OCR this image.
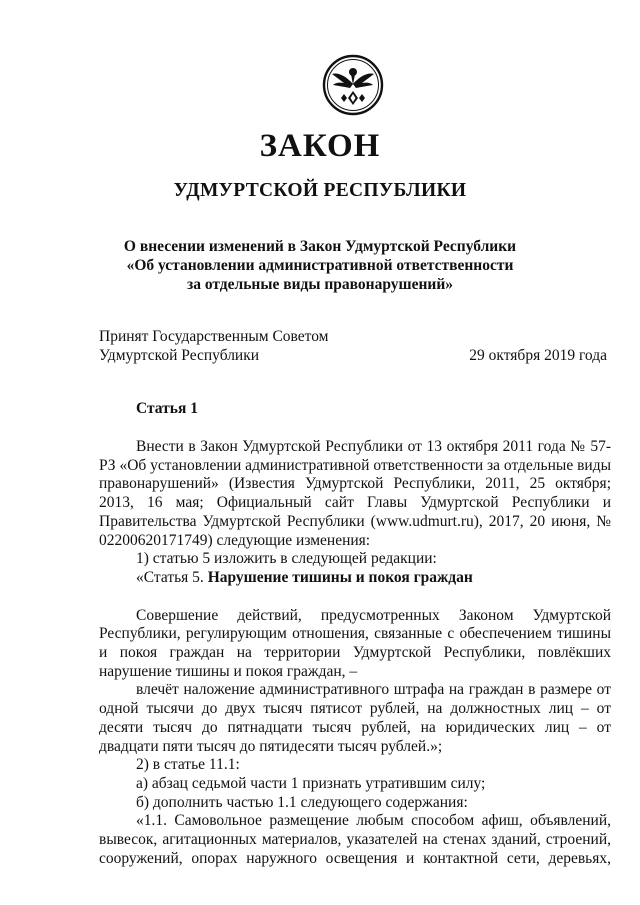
ЗАКОН
УДМУРТСКОЙ РЕСПУБЛИКИ
О внесении изменений в Закон Удмуртской Республики
«Об установлении административной ответственности
за отдельные виды правонарушений»
Принят Государственным Советом
Удмуртской Республики	29 октября 2019 года
Статья 1

Внести в Закон Удмуртской Республики от 13 октября 2011 года № 57-РЗ «Об установлении административной ответственности за отдельные виды правонарушений» (Известия Удмуртской Республики, 2011, 25 октября; 2013, 16 мая; Официальный сайт Главы Удмуртской Республики и Правительства Удмуртской Республики (www.udmurt.ru), 2017, 20 июня, № 02200620171749) следующие изменения:

1) статью 5 изложить в следующей редакции:

«Статья 5. Нарушение тишины и покоя граждан

Совершение действий, предусмотренных Законом Удмуртской Республики, регулирующим отношения, связанные с обеспечением тишины и покоя граждан на территории Удмуртской Республики, повлёкших нарушение тишины и покоя граждан, –

влечёт наложение административного штрафа на граждан в размере от одной тысячи до двух тысяч пятисот рублей, на должностных лиц – от десяти тысяч до пятнадцати тысяч рублей, на юридических лиц – от двадцати пяти тысяч до пятидесяти тысяч рублей.»;

2) в статье 11.1:

а) абзац седьмой части 1 признать утратившим силу;

б) дополнить частью 1.1 следующего содержания:

«1.1. Самовольное размещение любым способом афиш, объявлений, вывесок, агитационных материалов, указателей на стенах зданий, строений, сооружений, опорах наружного освещения и контактной сети, деревьях,
